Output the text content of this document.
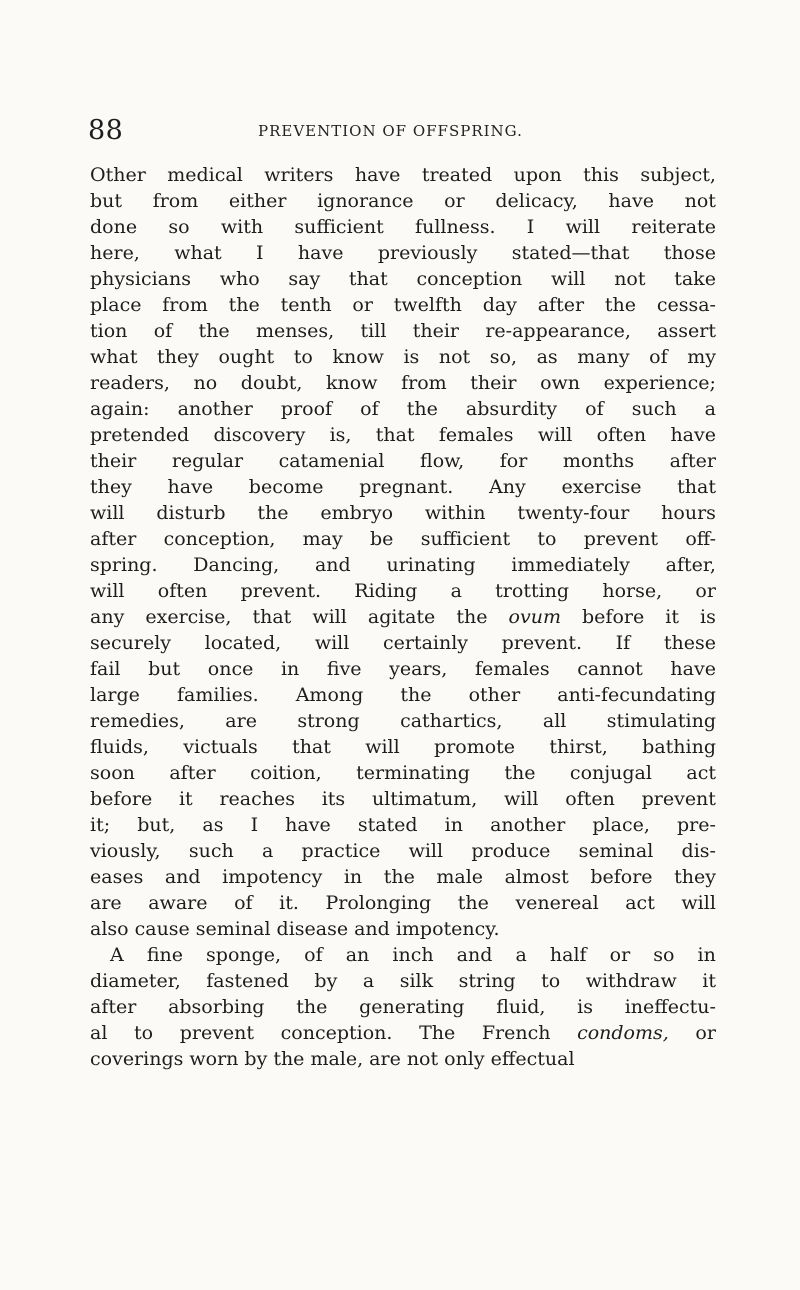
88	PREVENTION OF OFFSPRING.
Other medical writers have treated upon this subject,
but from either ignorance or delicacy, have not
done so with sufficient fullness. I will reiterate
here, what I have previously stated—that those
physicians who say that conception will not take
place from the tenth or twelfth day after the cessa-
tion of the menses, till their re-appearance, assert
what they ought to know is not so, as many of my
readers, no doubt, know from their own experience;
again: another proof of the absurdity of such a
pretended discovery is, that females will often have
their regular catamenial flow, for months after
they have become pregnant. Any exercise that
will disturb the embryo within twenty-four hours
after conception, may be sufficient to prevent off-
spring. Dancing, and urinating immediately after,
will often prevent. Riding a trotting horse, or
any exercise, that will agitate the ovum before it is
securely located, will certainly prevent. If these
fail but once in five years, females cannot have
large families. Among the other anti-fecundating
remedies, are strong cathartics, all stimulating
fluids, victuals that will promote thirst, bathing
soon after coition, terminating the conjugal act
before it reaches its ultimatum, will often prevent
it; but, as I have stated in another place, pre-
viously, such a practice will produce seminal dis-
eases and impotency in the male almost before they
are aware of it. Prolonging the venereal act will
also cause seminal disease and impotency.
A fine sponge, of an inch and a half or so in
diameter, fastened by a silk string to withdraw it
after absorbing the generating fluid, is ineffectu-
al to prevent conception. The French condoms, or
coverings worn by the male, are not only effectual
